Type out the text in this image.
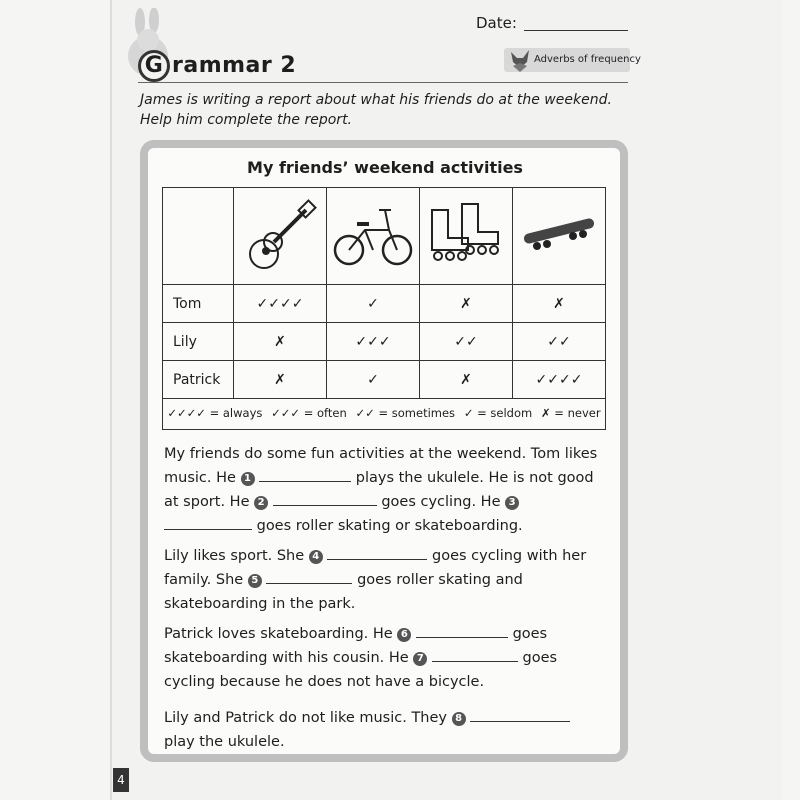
Date:
G rammar 2	Adverbs of frequency
James is writing a report about what his friends do at the weekend. Help him complete the report.
My friends’ weekend activities

Tom	✓✓✓✓	✓	✗	✗
Lily	✗	✓✓✓	✓✓	✓✓
Patrick	✗	✓	✗	✓✓✓✓
✓✓✓✓ = always ✓✓✓ = often ✓✓ = sometimes ✓ = seldom ✗ = never
My friends do some fun activities at the weekend. Tom likes music. He 1	plays the ukulele. He is not good at sport. He 2	goes cycling. He 3  goes roller skating or skateboarding.
Lily likes sport. She 4	goes cycling with her family. She 5	goes roller skating and skateboarding in the park.
Patrick loves skateboarding. He 6	goes skateboarding with his cousin. He 7	goes cycling because he does not have a bicycle.
Lily and Patrick do not like music. They 8  play the ukulele.
4
